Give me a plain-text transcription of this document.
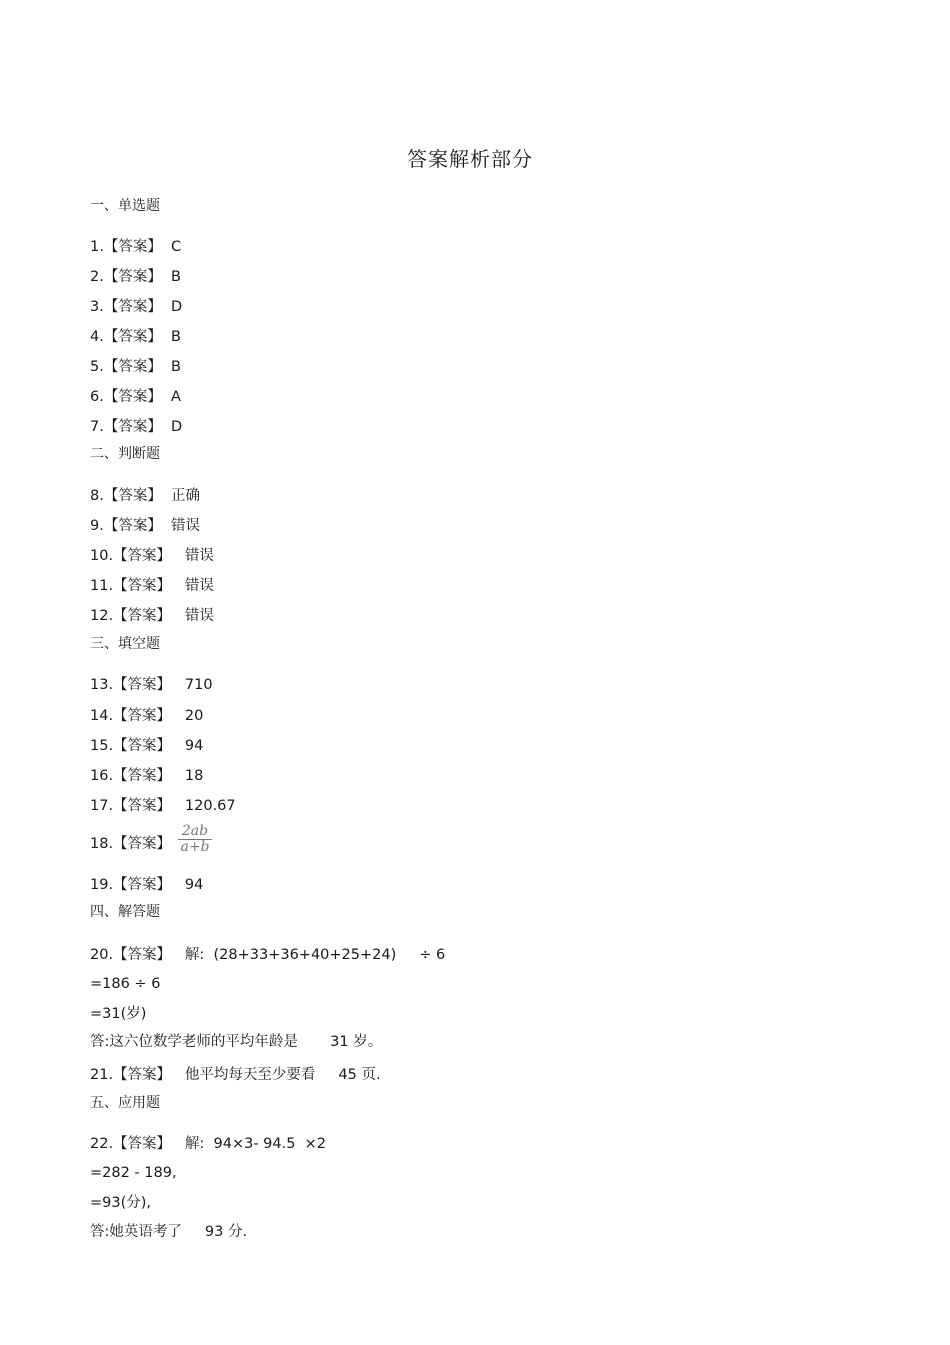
答案解析部分
一、单选题
1.【答案】  C
2.【答案】  B
3.【答案】  D
4.【答案】  B
5.【答案】  B
6.【答案】  A
7.【答案】  D
二、判断题
8.【答案】  正确
9.【答案】  错误
10.【答案】   错误
11.【答案】   错误
12.【答案】   错误
三、填空题
13.【答案】   710
14.【答案】   20
15.【答案】   94
16.【答案】   18
17.【答案】   120.67
18.【答案】 $\frac{2ab}{a+b}$
19.【答案】   94
四、解答题
20.【答案】   解:  (28+33+36+40+25+24)     ÷ 6
=186 ÷ 6
=31(岁)
答:这六位数学老师的平均年龄是       31 岁。
21.【答案】   他平均每天至少要看     45 页.
五、应用题
22.【答案】   解:  94×3- 94.5  ×2
=282 - 189,
=93(分),
答:她英语考了     93 分.
